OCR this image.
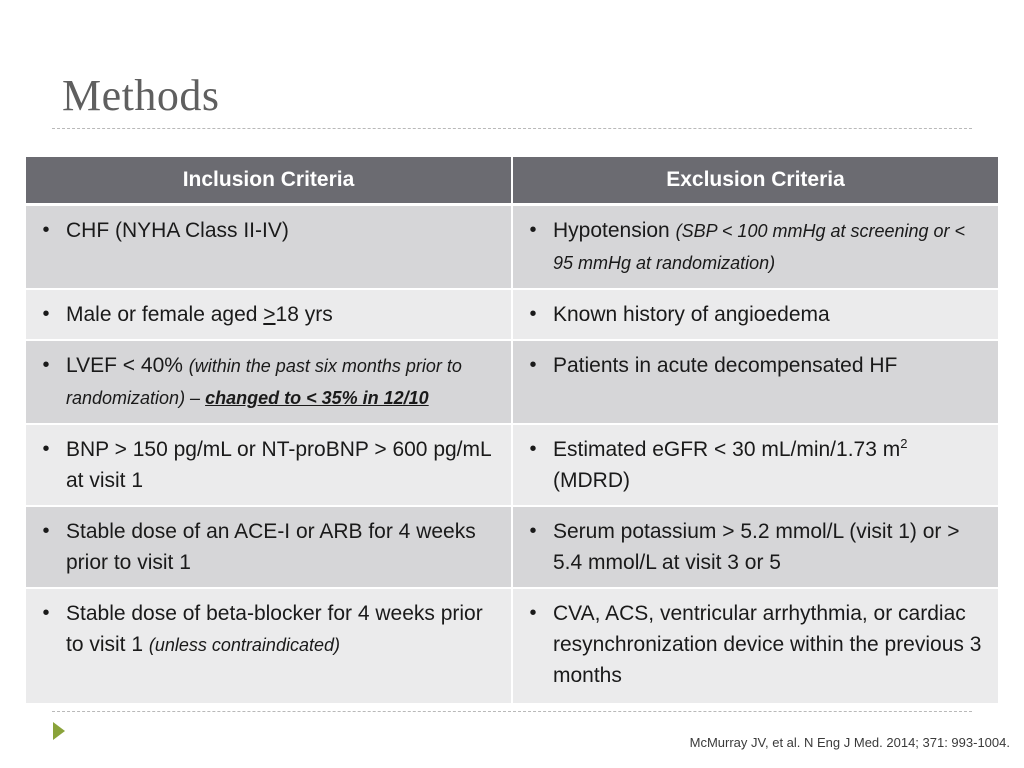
Methods
Inclusion Criteria	Exclusion Criteria

• CHF (NYHA Class II-IV)	• Hypotension (SBP < 100 mmHg at screening or < 95 mmHg at randomization)

• Male or female aged ≥18 yrs	• Known history of angioedema

• LVEF < 40% (within the past six months prior to randomization) – changed to < 35% in 12/10	• Patients in acute decompensated HF

• BNP > 150 pg/mL or NT-proBNP > 600 pg/mL at visit 1	• Estimated eGFR < 30 mL/min/1.73 $m^2$ (MDRD)

• Stable dose of an ACE-I or ARB for 4 weeks prior to visit 1	• Serum potassium > 5.2 mmol/L (visit 1) or > 5.4 mmol/L at visit 3 or 5

• Stable dose of beta-blocker for 4 weeks prior to visit 1 (unless contraindicated)	• CVA, ACS, ventricular arrhythmia, or cardiac resynchronization device within the previous 3 months
McMurray JV, et al. N Eng J Med. 2014; 371: 993-1004.
